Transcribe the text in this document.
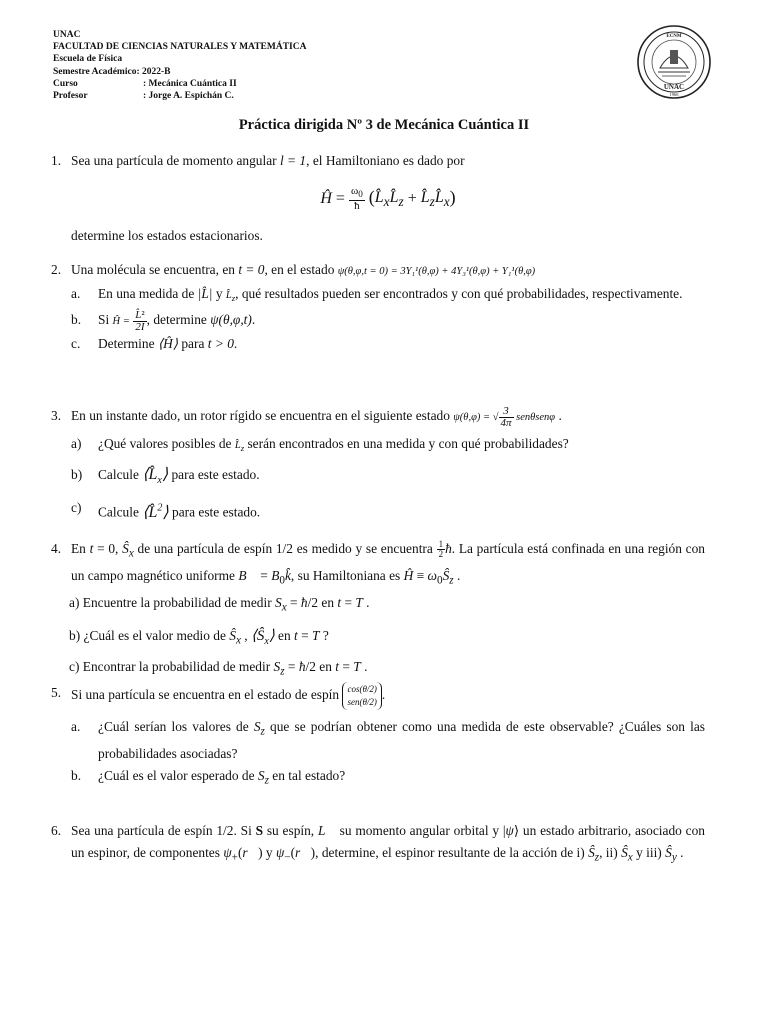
UNAC
FACULTAD DE CIENCIAS NATURALES Y MATEMÁTICA
Escuela de Física
Semestre Académico: 2022-B
Curso	: Mecánica Cuántica II
Profesor	: Jorge A. Espichán C.
UNAC
1966
ECNM
Práctica dirigida Nº 3 de Mecánica Cuántica II
1. Sea una partícula de momento angular l = 1, el Hamiltoniano es dado por
Ĥ = $\frac{\omega_0}{ħ}$ ($L̂_xL̂_z$ + $L̂_zL̂_x$)
determine los estados estacionarios.
2. Una molécula se encuentra, en t = 0, en el estado ψ(θ,φ,t = 0) = 3Y₁¹(θ,φ) + 4Y₃¹(θ,φ) + Y₁¹(θ,φ)
a. En una medida de |L̂| y $L̂_z$, qué resultados pueden ser encontrados y con qué probabilidades, respectivamente.
b. Si Ĥ = $\frac{\text{L̂²}}{2I}$ , determine ψ(θ,φ,t).
c. Determine ⟨Ĥ⟩ para t > 0.
3. En un instante dado, un rotor rígido se encuentra en el siguiente estado ψ(θ,φ) = √ $\frac{3}{4\pi}$ senθsenφ .
a) ¿Qué valores posibles de $L̂_z$ serán encontrados en una medida y con qué probabilidades?
b) Calcule $⟨L̂_x⟩$ para este estado.
c) Calcule ⟨L̂$^2$⟩ para este estado.
4. En t = 0, $Ŝ_x$ de una partícula de espín 1/2 es medido y se encuentra $\frac{1}{2}$ ħ. La partícula está confinada en una región con un campo magnético uniforme B⃗ = $B_0k̂$, su Hamiltoniana es Ĥ ≡ $\omega_0Ŝ_z$ .
a) Encuentre la probabilidad de medir $S_x$ = ħ/2 en t = T .
b) ¿Cuál es el valor medio de $Ŝ_x$ , $⟨Ŝ_x⟩$ en t = T ?
c) Encontrar la probabilidad de medir $S_z$ = ħ/2 en t = T .
5. Si una partícula se encuentra en el estado de espín cos(θ/2)
sen(θ/2) .
a. ¿Cuál serían los valores de $S_z$ que se podrían obtener como una medida de este observable? ¿Cuáles son las probabilidades asociadas?
b. ¿Cuál es el valor esperado de $S_z$ en tal estado?
6. Sea una partícula de espín 1/2. Si S su espín, L⃗ su momento angular orbital y |ψ⟩ un estado arbitrario, asociado con un espinor, de componentes $\psi_+(r⃗)$ y $\psi_-(r⃗)$, determine, el espinor resultante de la acción de i) $Ŝ_z$, ii) $Ŝ_x$ y iii) $Ŝ_y$ .
